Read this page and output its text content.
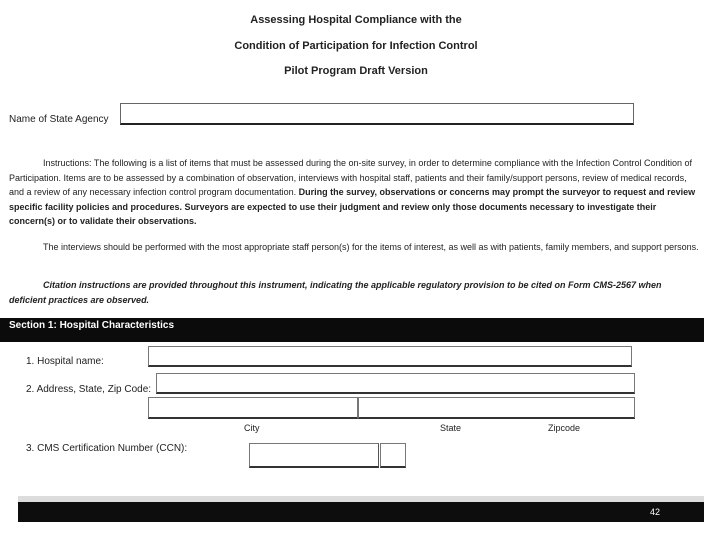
Assessing Hospital Compliance with the
Condition of Participation for Infection Control
Pilot Program Draft Version
Name of State Agency
Instructions: The following is a list of items that must be assessed during the on-site survey, in order to determine compliance with the Infection Control Condition of Participation. Items are to be assessed by a combination of observation, interviews with hospital staff, patients and their family/support persons, review of medical records, and a review of any necessary infection control program documentation. During the survey, observations or concerns may prompt the surveyor to request and review specific facility policies and procedures. Surveyors are expected to use their judgment and review only those documents necessary to investigate their concern(s) or to validate their observations.
The interviews should be performed with the most appropriate staff person(s) for the items of interest, as well as with patients, family members, and support persons.
Citation instructions are provided throughout this instrument, indicating the applicable regulatory provision to be cited on Form CMS-2567 when deficient practices are observed.
Section 1: Hospital Characteristics
1. Hospital name:
2. Address, State, Zip Code:
City	State	Zipcode
3. CMS Certification Number (CCN):
42
